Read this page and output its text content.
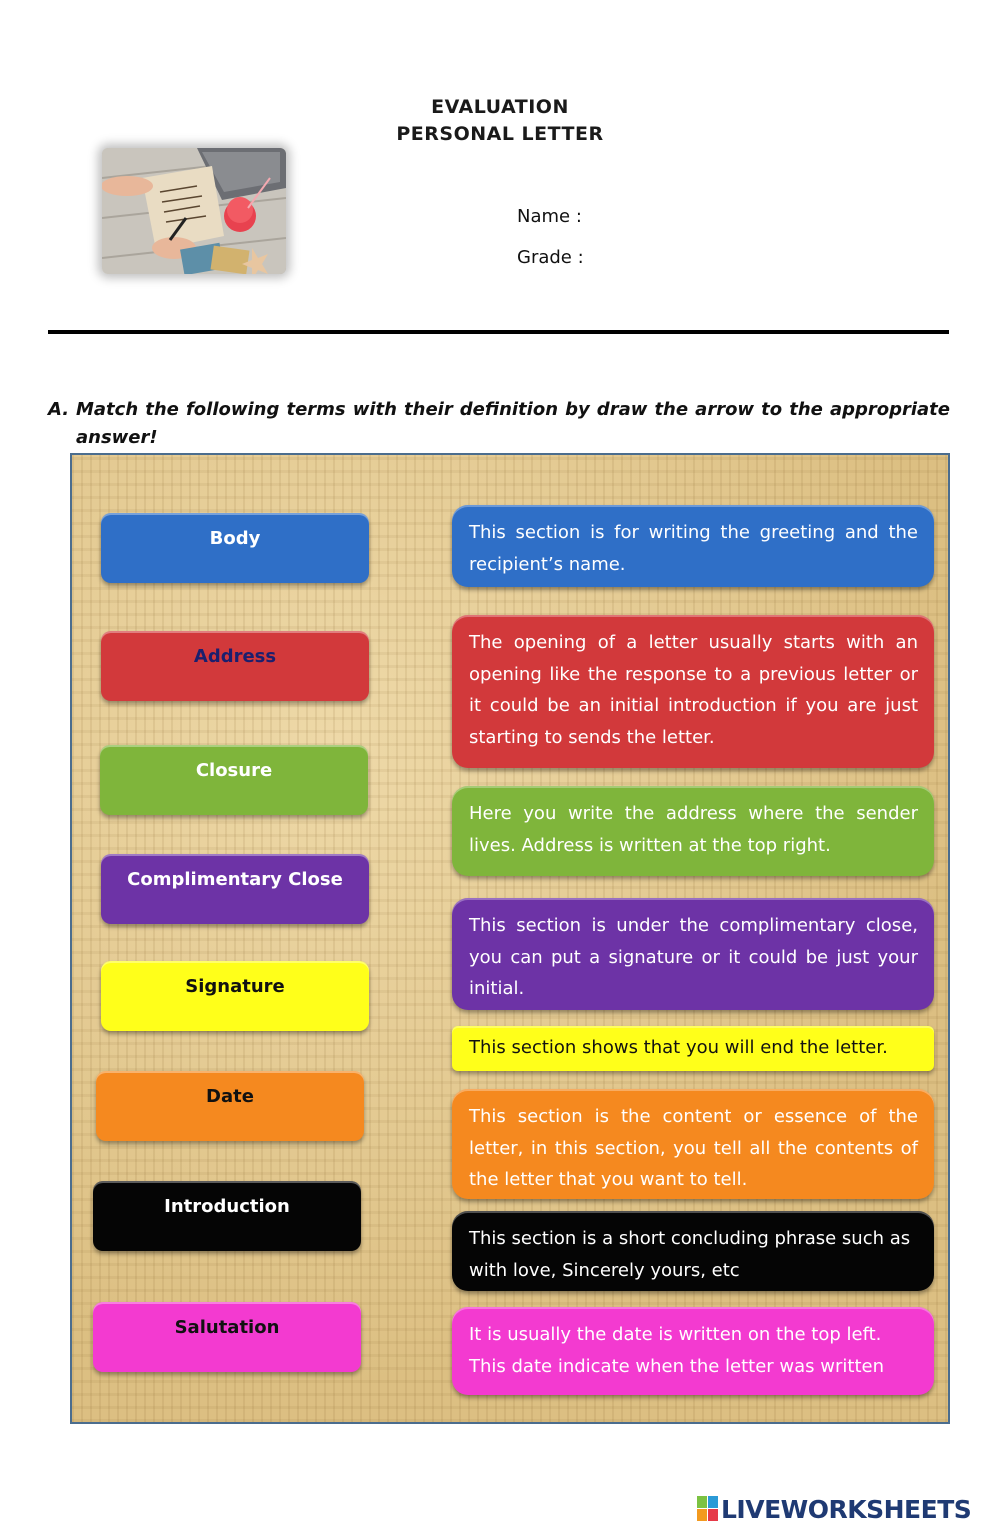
EVALUATION
PERSONAL LETTER
Name :
Grade :
A. Match the following terms with their definition by draw the arrow to the appropriate answer!
Body
Address
Closure
Complimentary Close
Signature
Date
Introduction
Salutation
This section is for writing the greeting and the recipient’s name.
The opening of a letter usually starts with an opening like the response to a previous letter or it could be an initial introduction if you are just starting to sends the letter.
Here you write the address where the sender lives. Address is written at the top right.
This section is under the complimentary close, you can put a signature or it could be just your initial.
This section shows that you will end the letter.
This section is the content or essence of the letter, in this section, you tell all the contents of the letter that you want to tell.
This section is a short concluding phrase such as with love, Sincerely yours, etc
It is usually the date is written on the top left. This date indicate when the letter was written
LIVEWORKSHEETS
